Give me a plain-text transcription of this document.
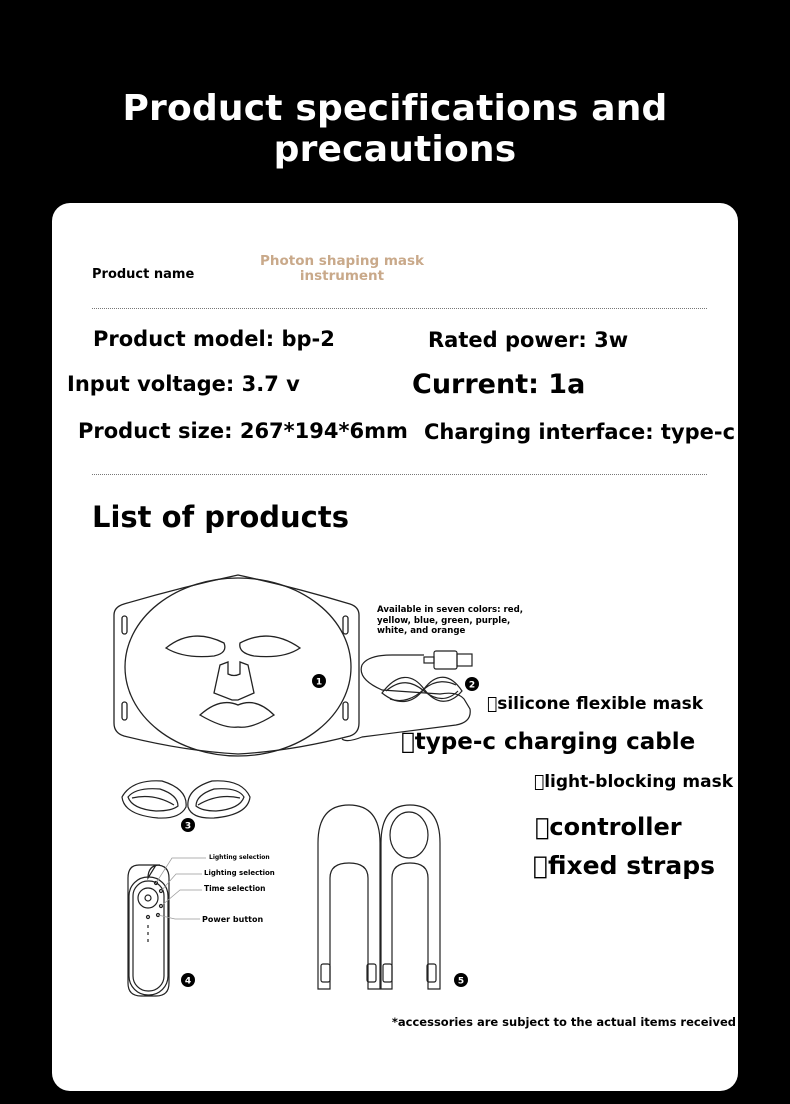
Product specifications and precautions
Product name
Photon shaping mask instrument
Product model: bp-2	Rated power: 3w
Input voltage: 3.7 v	Current: 1a
Product size: 267*194*6mm Charging interface: type-c
List of products
Lighting selection
Lighting selection
Time selection
Power button
1	2
3
4	5
Available in seven colors: red, yellow, blue, green, purple, white, and orange
 silicone flexible mask
 type-c charging cable
 light-blocking mask
 controller
 fixed straps
*accessories are subject to the actual items received
